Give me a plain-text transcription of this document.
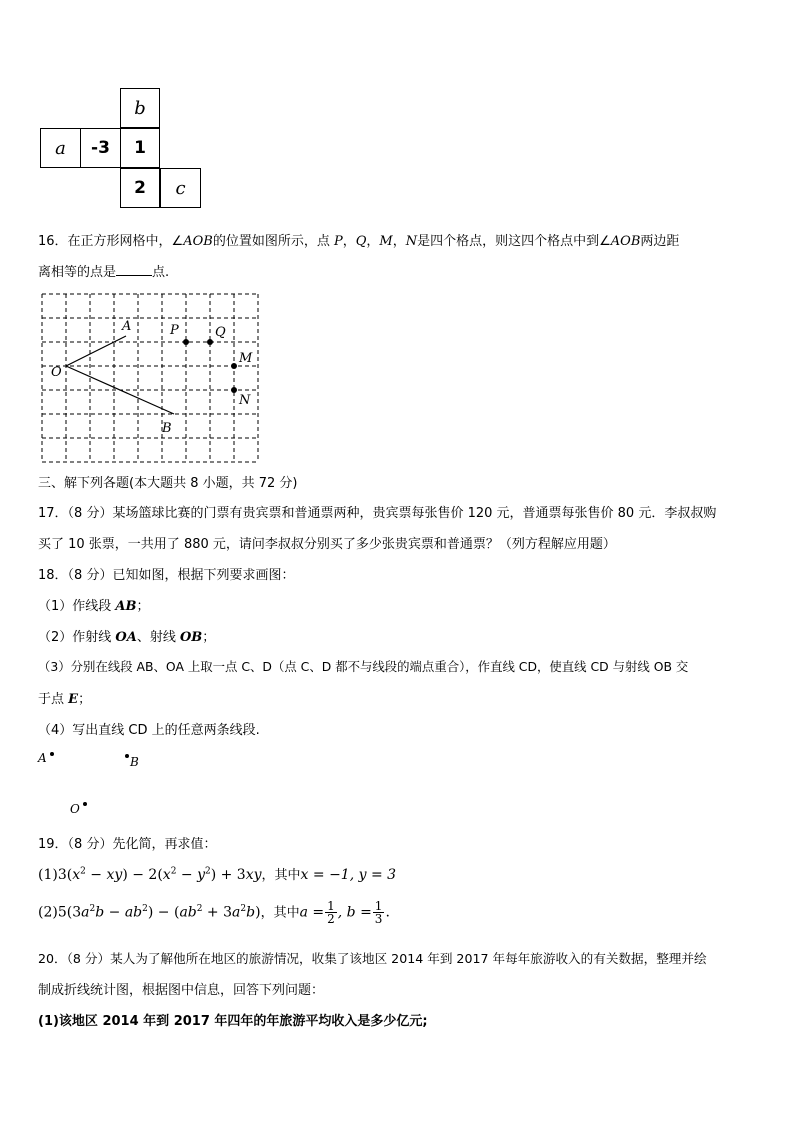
b
a	-3	1
2	c
16．在正方形网格中，∠AOB的位置如图所示，点 P，Q，M，N是四个格点，则这四个格点中到∠AOB两边距
离相等的点是	点.
A
O
B
P	Q
M
N
三、解下列各题(本大题共 8 小题，共 72 分)
17．（8 分）某场篮球比赛的门票有贵宾票和普通票两种，贵宾票每张售价 120 元，普通票每张售价 80 元．李叔叔购
买了 10 张票，一共用了 880 元，请问李叔叔分别买了多少张贵宾票和普通票？（列方程解应用题）
18．（8 分）已知如图，根据下列要求画图：
（1）作线段 AB；
（2）作射线 OA、射线 OB；
（3）分别在线段 AB、OA 上取一点 C、D（点 C、D 都不与线段的端点重合），作直线 CD，使直线 CD 与射线 OB 交
于点 E；
（4）写出直线 CD 上的任意两条线段.
A	B
O
19．（8 分）先化简，再求值：
$(1)3(x^2 - xy) - 2(x^2 - y^2) + 3xy$，其中x = −1, y = 3
$(2)5(3a^2b - ab^2) - (ab^2 + 3a^2b)$，其中$a = \frac{1}{2}$ , $b = \frac{1}{3}$ .
20．（8 分）某人为了解他所在地区的旅游情况，收集了该地区 2014 年到 2017 年每年旅游收入的有关数据，整理并绘
制成折线统计图，根据图中信息，回答下列问题：
(1)该地区 2014 年到 2017 年四年的年旅游平均收入是多少亿元;
